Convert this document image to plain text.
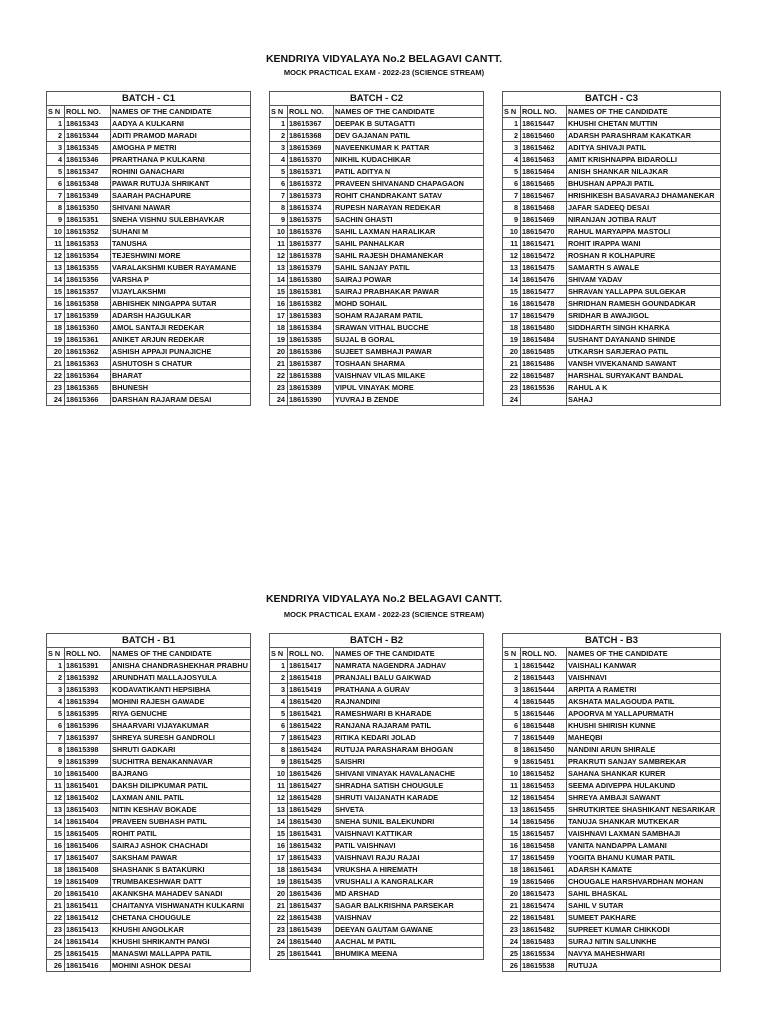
KENDRIYA VIDYALAYA No.2 BELAGAVI CANTT.
MOCK PRACTICAL EXAM - 2022-23 (SCIENCE STREAM)
KENDRIYA VIDYALAYA No.2 BELAGAVI CANTT.
MOCK PRACTICAL EXAM - 2022-23 (SCIENCE STREAM)
BATCH - C1		
S N	ROLL NO.	NAMES OF THE CANDIDATE
1	18615343	AADYA A KULKARNI
2	18615344	ADITI PRAMOD MARADI
3	18615345	AMOGHA P METRI
4	18615346	PRARTHANA P KULKARNI
5	18615347	ROHINI GANACHARI
6	18615348	PAWAR RUTUJA SHRIKANT
7	18615349	SAARAH PACHAPURE
8	18615350	SHIVANI NAWAR
9	18615351	SNEHA VISHNU SULEBHAVKAR
10	18615352	SUHANI M
11	18615353	TANUSHA
12	18615354	TEJESHWINI MORE
13	18615355	VARALAKSHMI KUBER RAYAMANE
14	18615356	VARSHA P
15	18615357	VIJAYLAKSHMI
16	18615358	ABHISHEK NINGAPPA SUTAR
17	18615359	ADARSH HAJGULKAR
18	18615360	AMOL SANTAJI REDEKAR
19	18615361	ANIKET ARJUN REDEKAR
20	18615362	ASHISH APPAJI PUNAJICHE
21	18615363	ASHUTOSH S CHATUR
22	18615364	BHARAT
23	18615365	BHUNESH
24	18615366	DARSHAN RAJARAM DESAI
BATCH - C2		
S N	ROLL NO.	NAMES OF THE CANDIDATE
1	18615367	DEEPAK B SUTAGATTI
2	18615368	DEV GAJANAN PATIL
3	18615369	NAVEENKUMAR K PATTAR
4	18615370	NIKHIL KUDACHIKAR
5	18615371	PATIL ADITYA N
6	18615372	PRAVEEN SHIVANAND CHAPAGAON
7	18615373	ROHIT CHANDRAKANT SATAV
8	18615374	RUPESH NARAYAN REDEKAR
9	18615375	SACHIN GHASTI
10	18615376	SAHIL LAXMAN HARALIKAR
11	18615377	SAHIL PANHALKAR
12	18615378	SAHIL RAJESH DHAMANEKAR
13	18615379	SAHIL SANJAY PATIL
14	18615380	SAIRAJ POWAR
15	18615381	SAIRAJ PRABHAKAR PAWAR
16	18615382	MOHD SOHAIL
17	18615383	SOHAM RAJARAM PATIL
18	18615384	SRAWAN VITHAL BUCCHE
19	18615385	SUJAL B GORAL
20	18615386	SUJEET SAMBHAJI PAWAR
21	18615387	TOSHAAN SHARMA
22	18615388	VAISHNAV VILAS MILAKE
23	18615389	VIPUL VINAYAK MORE
24	18615390	YUVRAJ B ZENDE
BATCH - C3		
S N	ROLL NO.	NAMES OF THE CANDIDATE
1	18615447	KHUSHI CHETAN MUTTIN
2	18615460	ADARSH PARASHRAM KAKATKAR
3	18615462	ADITYA SHIVAJI PATIL
4	18615463	AMIT KRISHNAPPA BIDAROLLI
5	18615464	ANISH SHANKAR NILAJKAR
6	18615465	BHUSHAN APPAJI PATIL
7	18615467	HRISHIKESH BASAVARAJ DHAMANEKAR
8	18615468	JAFAR SADEEQ DESAI
9	18615469	NIRANJAN JOTIBA RAUT
10	18615470	RAHUL MARYAPPA MASTOLI
11	18615471	ROHIT IRAPPA WANI
12	18615472	ROSHAN R KOLHAPURE
13	18615475	SAMARTH S AWALE
14	18615476	SHIVAM YADAV
15	18615477	SHRAVAN YALLAPPA SULGEKAR
16	18615478	SHRIDHAN RAMESH GOUNDADKAR
17	18615479	SRIDHAR B AWAJIGOL
18	18615480	SIDDHARTH SINGH KHARKA
19	18615484	SUSHANT DAYANAND SHINDE
20	18615485	UTKARSH SARJERAO PATIL
21	18615486	VANSH VIVEKANAND SAWANT
22	18615487	HARSHAL SURYAKANT BANDAL
23	18615536	RAHUL A K
24		SAHAJ
BATCH - B1		
S N	ROLL NO.	NAMES OF THE CANDIDATE
1	18615391	ANISHA CHANDRASHEKHAR PRABHU
2	18615392	ARUNDHATI MALLAJOSYULA
3	18615393	KODAVATIKANTI HEPSIBHA
4	18615394	MOHINI RAJESH GAWADE
5	18615395	RIYA GENUCHE
6	18615396	SHAARVARI VIJAYAKUMAR
7	18615397	SHREYA SURESH GANDROLI
8	18615398	SHRUTI GADKARI
9	18615399	SUCHITRA BENAKANNAVAR
10	18615400	BAJRANG
11	18615401	DAKSH DILIPKUMAR PATIL
12	18615402	LAXMAN ANIL PATIL
13	18615403	NITIN KESHAV BOKADE
14	18615404	PRAVEEN SUBHASH PATIL
15	18615405	ROHIT PATIL
16	18615406	SAIRAJ ASHOK CHACHADI
17	18615407	SAKSHAM PAWAR
18	18615408	SHASHANK S BATAKURKI
19	18615409	TRUMBAKESHWAR DATT
20	18615410	AKANKSHA MAHADEV SANADI
21	18615411	CHAITANYA VISHWANATH KULKARNI
22	18615412	CHETANA CHOUGULE
23	18615413	KHUSHI ANGOLKAR
24	18615414	KHUSHI SHRIKANTH PANGI
25	18615415	MANASWI MALLAPPA PATIL
26	18615416	MOHINI ASHOK DESAI
BATCH - B2		
S N	ROLL NO.	NAMES OF THE CANDIDATE
1	18615417	NAMRATA NAGENDRA JADHAV
2	18615418	PRANJALI BALU GAIKWAD
3	18615419	PRATHANA A GURAV
4	18615420	RAJNANDINI
5	18615421	RAMESHWARI B KHARADE
6	18615422	RANJANA RAJARAM PATIL
7	18615423	RITIKA KEDARI JOLAD
8	18615424	RUTUJA PARASHARAM BHOGAN
9	18615425	SAISHRI
10	18615426	SHIVANI VINAYAK HAVALANACHE
11	18615427	SHRADHA SATISH CHOUGULE
12	18615428	SHRUTI VAIJANATH KARADE
13	18615429	SHVETA
14	18615430	SNEHA SUNIL BALEKUNDRI
15	18615431	VAISHNAVI KATTIKAR
16	18615432	PATIL VAISHNAVI
17	18615433	VAISHNAVI RAJU RAJAI
18	18615434	VRUKSHA A HIREMATH
19	18615435	VRUSHALI A KANGRALKAR
20	18615436	MD ARSHAD
21	18615437	SAGAR BALKRISHNA PARSEKAR
22	18615438	VAISHNAV
23	18615439	DEEYAN GAUTAM GAWANE
24	18615440	AACHAL M PATIL
25	18615441	BHUMIKA MEENA
BATCH - B3		
S N	ROLL NO.	NAMES OF THE CANDIDATE
1	18615442	VAISHALI KANWAR
2	18615443	VAISHNAVI
3	18615444	ARPITA A RAMETRI
4	18615445	AKSHATA MALAGOUDA PATIL
5	18615446	APOORVA M YALLAPURMATH
6	18615448	KHUSHI SHIRISH KUNNE
7	18615449	MAHEQBI
8	18615450	NANDINI ARUN SHIRALE
9	18615451	PRAKRUTI SANJAY SAMBREKAR
10	18615452	SAHANA SHANKAR KURER
11	18615453	SEEMA ADIVEPPA HULAKUND
12	18615454	SHREYA AMBAJI SAWANT
13	18615455	SHRUTKIRTEE SHASHIKANT NESARIKAR
14	18615456	TANUJA SHANKAR MUTKEKAR
15	18615457	VAISHNAVI LAXMAN SAMBHAJI
16	18615458	VANITA NANDAPPA LAMANI
17	18615459	YOGITA BHANU KUMAR PATIL
18	18615461	ADARSH KAMATE
19	18615466	CHOUGALE HARSHVARDHAN MOHAN
20	18615473	SAHIL BHASKAL
21	18615474	SAHIL V SUTAR
22	18615481	SUMEET PAKHARE
23	18615482	SUPREET KUMAR CHIKKODI
24	18615483	SURAJ NITIN SALUNKHE
25	18615534	NAVYA MAHESHWARI
26	18615538	RUTUJA
